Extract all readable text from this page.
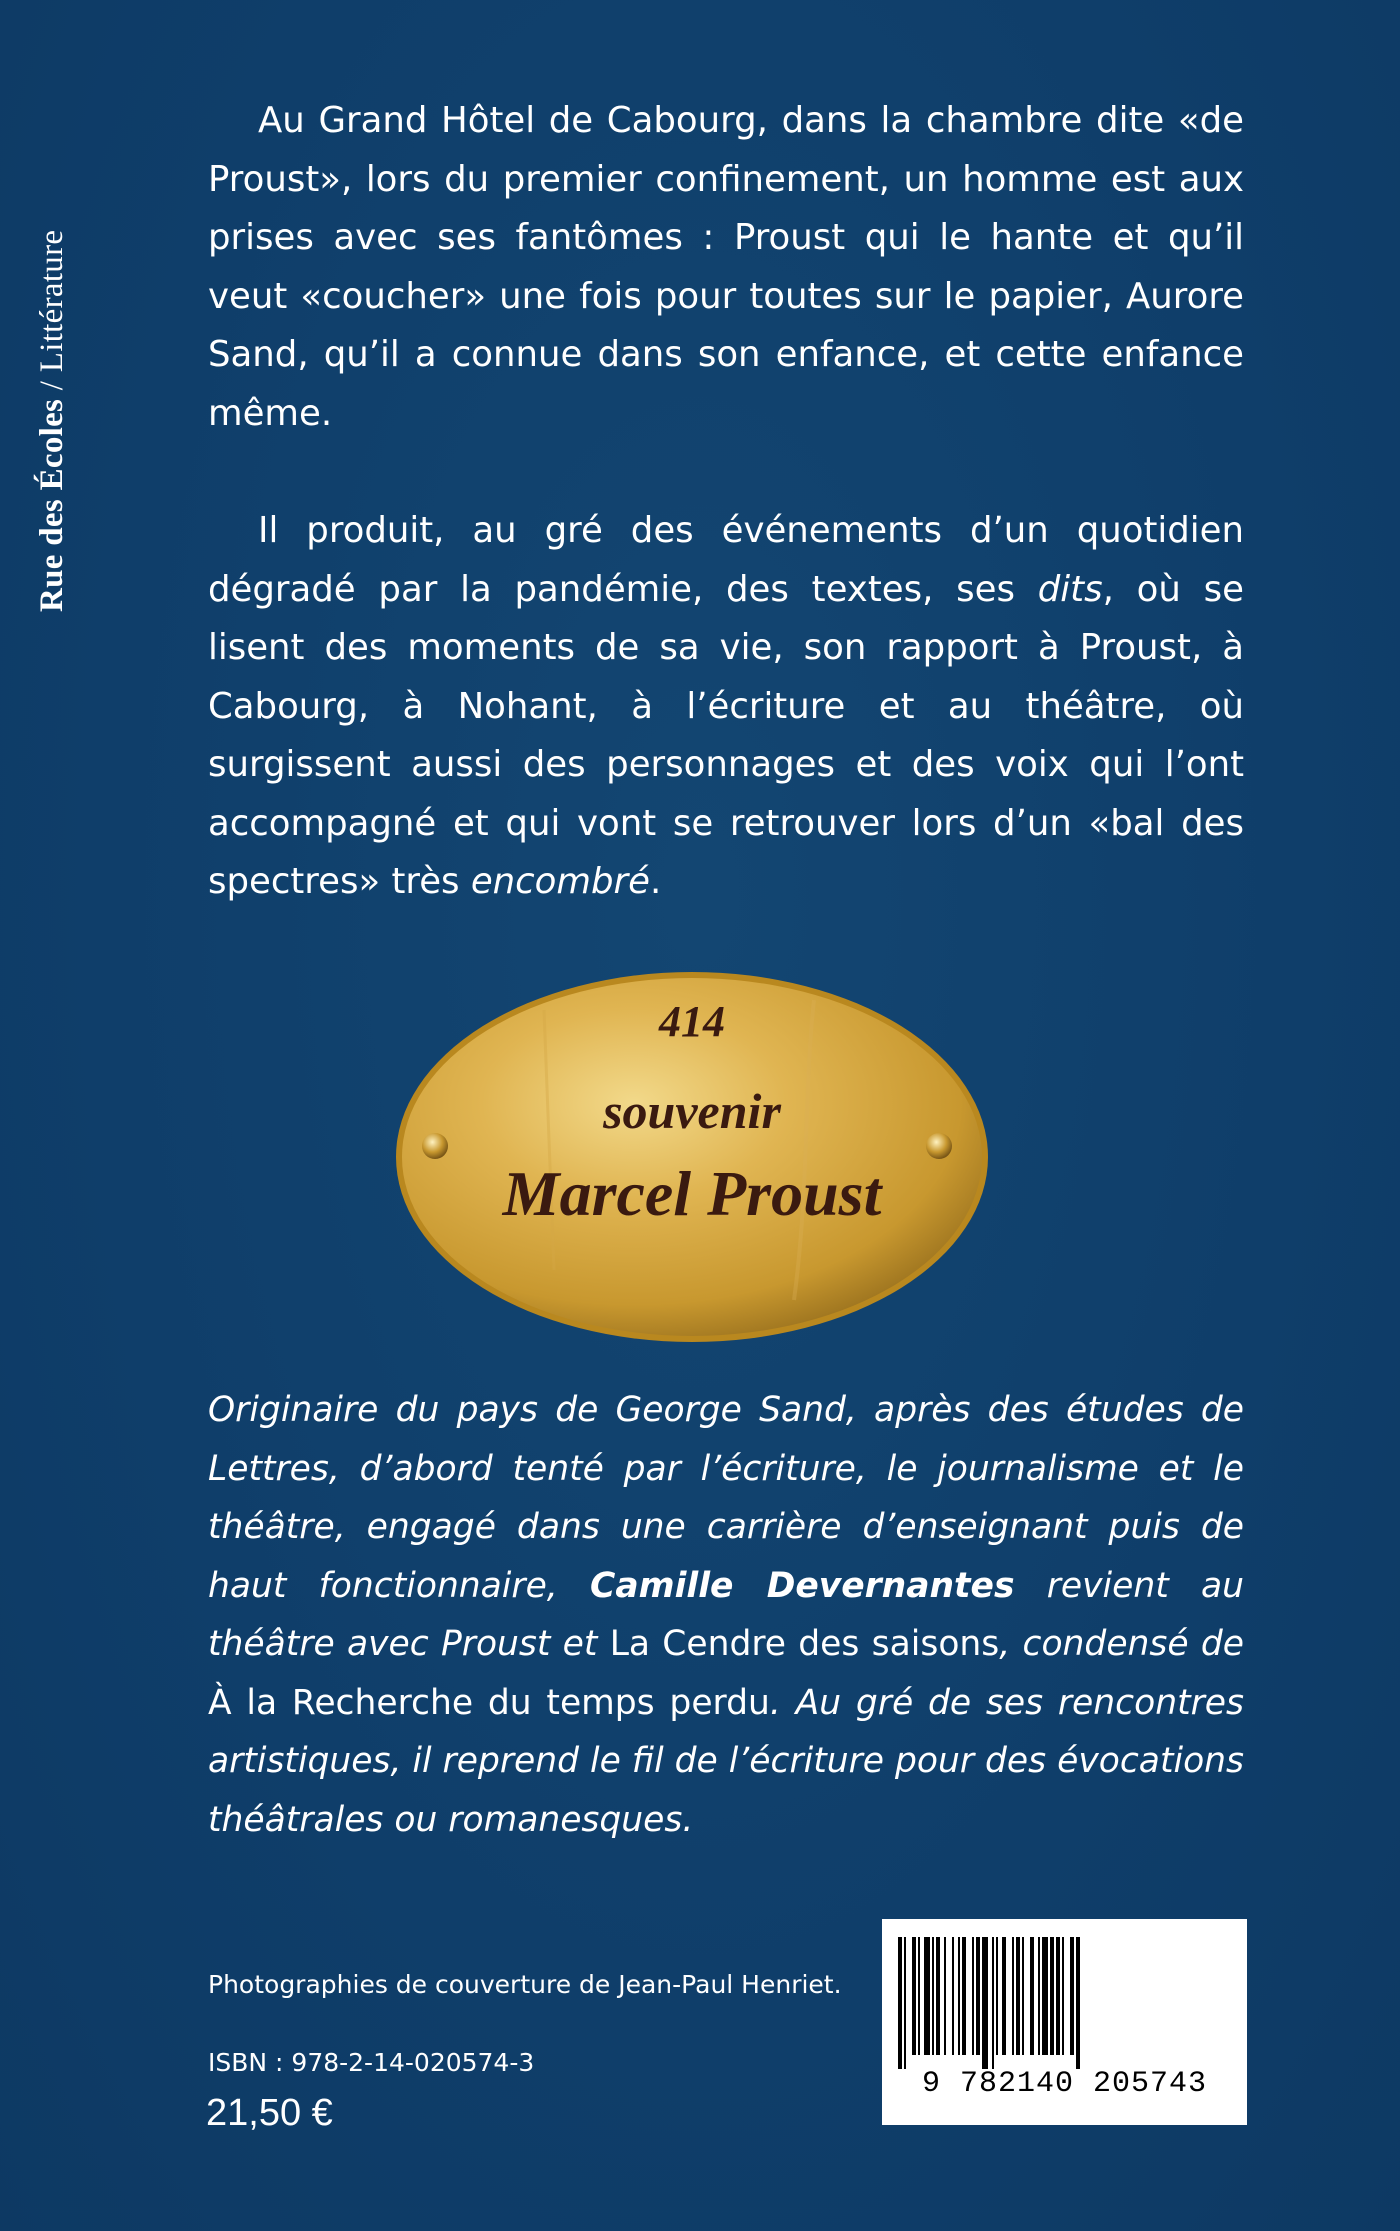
Rue des Écoles / Littérature

Au Grand Hôtel de Cabourg, dans la chambre dite «de Proust», lors du premier confinement, un homme est aux prises avec ses fantômes : Proust qui le hante et qu’il veut «coucher» une fois pour toutes sur le papier, Aurore Sand, qu’il a connue dans son enfance, et cette enfance même.

Il produit, au gré des événements d’un quotidien dégradé par la pandémie, des textes, ses dits, où se lisent des moments de sa vie, son rapport à Proust, à Cabourg, à Nohant, à l’écriture et au théâtre, où surgissent aussi des personnages et des voix qui l’ont accompagné et qui vont se retrouver lors d’un «bal des spectres» très encombré.

414
souvenir
Marcel Proust

Originaire du pays de George Sand, après des études de Lettres, d’abord tenté par l’écriture, le journalisme et le théâtre, engagé dans une carrière d’enseignant puis de haut fonctionnaire, Camille Devernantes revient au théâtre avec Proust et La Cendre des saisons, condensé de À la Recherche du temps perdu. Au gré de ses rencontres artistiques, il reprend le fil de l’écriture pour des évocations théâtrales ou romanesques.

Photographies de couverture de Jean-Paul Henriet.
ISBN : 978-2-14-020574-3
21,50 €
9 782140 205743
